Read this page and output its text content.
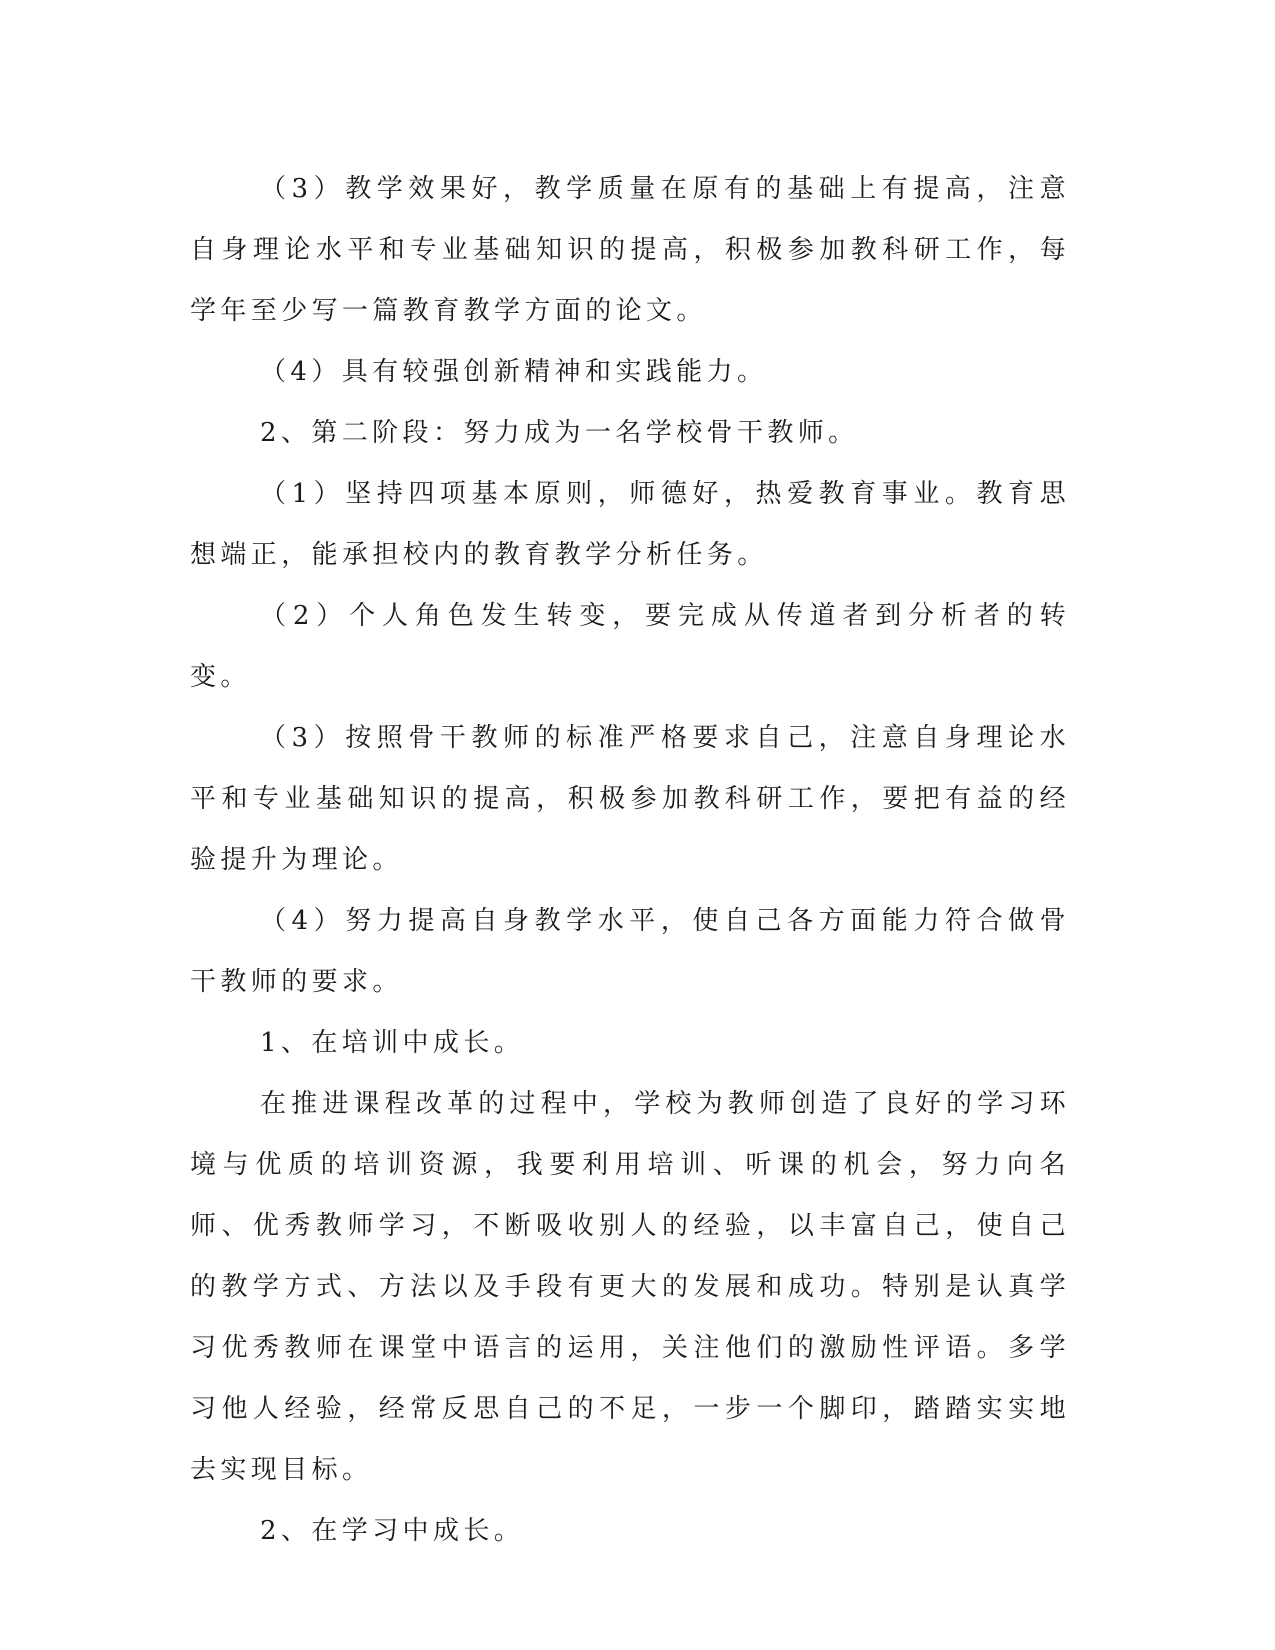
（3）教学效果好，教学质量在原有的基础上有提高，注意自身理论水平和专业基础知识的提高，积极参加教科研工作，每学年至少写一篇教育教学方面的论文。

（4）具有较强创新精神和实践能力。

2、第二阶段：努力成为一名学校骨干教师。

（1）坚持四项基本原则，师德好，热爱教育事业。教育思想端正，能承担校内的教育教学分析任务。

（2）个人角色发生转变，要完成从传道者到分析者的转变。

（3）按照骨干教师的标准严格要求自己，注意自身理论水平和专业基础知识的提高，积极参加教科研工作，要把有益的经验提升为理论。

（4）努力提高自身教学水平，使自己各方面能力符合做骨干教师的要求。

1、在培训中成长。

在推进课程改革的过程中，学校为教师创造了良好的学习环境与优质的培训资源，我要利用培训、听课的机会，努力向名师、优秀教师学习，不断吸收别人的经验，以丰富自己，使自己的教学方式、方法以及手段有更大的发展和成功。特别是认真学习优秀教师在课堂中语言的运用，关注他们的激励性评语。多学习他人经验，经常反思自己的不足，一步一个脚印，踏踏实实地去实现目标。

2、在学习中成长。
